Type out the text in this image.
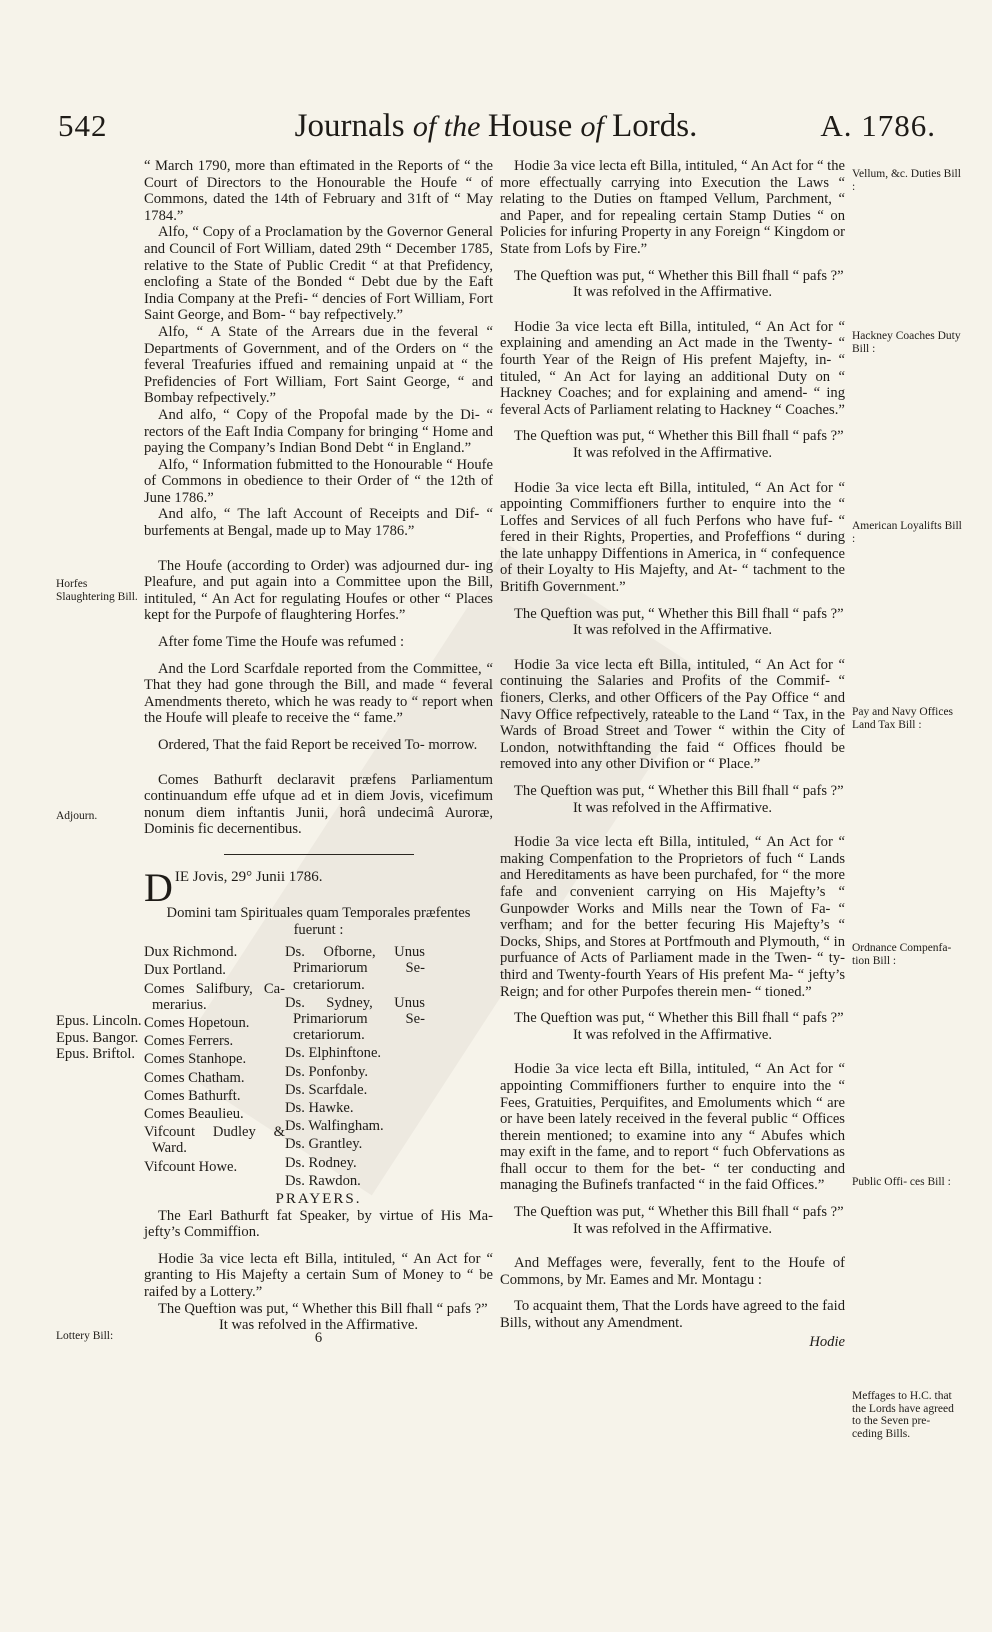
542	Journals of the House of Lords.	A. 1786.
Horfes Slaughtering Bill.
Adjourn.
Lottery Bill:
Epus. Lincoln.
Epus. Bangor.
Epus. Briftol.

“ March 1790, more than eftimated in the Reports of “ the Court of Directors to the Honourable the Houfe “ of Commons, dated the 14th of February and 31ft of “ May 1784.”

Alfo, “ Copy of a Proclamation by the Governor General and Council of Fort William, dated 29th “ December 1785, relative to the State of Public Credit “ at that Prefidency, enclofing a State of the Bonded “ Debt due by the Eaft India Company at the Prefi- “ dencies of Fort William, Fort Saint George, and Bom- “ bay refpectively.”

Alfo, “ A State of the Arrears due in the feveral “ Departments of Government, and of the Orders on “ the feveral Treafuries iffued and remaining unpaid at “ the Prefidencies of Fort William, Fort Saint George, “ and Bombay refpectively.”

And alfo, “ Copy of the Propofal made by the Di- “ rectors of the Eaft India Company for bringing “ Home and paying the Company’s Indian Bond Debt “ in England.”

Alfo, “ Information fubmitted to the Honourable “ Houfe of Commons in obedience to their Order of “ the 12th of June 1786.”

And alfo, “ The laft Account of Receipts and Dif- “ burfements at Bengal, made up to May 1786.”

The Houfe (according to Order) was adjourned dur- ing Pleafure, and put again into a Committee upon the Bill, intituled, “ An Act for regulating Houfes or other “ Places kept for the Purpofe of flaughtering Horfes.”

After fome Time the Houfe was refumed :

And the Lord Scarfdale reported from the Committee, “ That they had gone through the Bill, and made “ feveral Amendments thereto, which he was ready to “ report when the Houfe will pleafe to receive the “ fame.”

Ordered, That the faid Report be received To- morrow.

Comes Bathurft declaravit præfens Parliamentum continuandum effe ufque ad et in diem Jovis, vicefimum nonum diem inftantis Junii, horâ undecimâ Auroræ, Dominis fic decernentibus.

DIE Jovis, 29° Junii 1786.

Domini tam Spirituales quam Temporales præfentes fuerunt :

Dux Richmond.
Dux Portland.
Comes Salifbury, Ca- merarius.
Comes Hopetoun.
Comes Ferrers.
Comes Stanhope.
Comes Chatham.
Comes Bathurft.
Comes Beaulieu.
Vifcount Dudley & Ward.
Vifcount Howe.
Ds. Ofborne, Unus Primariorum Se- cretariorum.
Ds. Sydney, Unus Primariorum Se- cretariorum.
Ds. Elphinftone.
Ds. Ponfonby.
Ds. Scarfdale.
Ds. Hawke.
Ds. Walfingham.
Ds. Grantley.
Ds. Rodney.
Ds. Rawdon.

PRAYERS.

The Earl Bathurft fat Speaker, by virtue of His Ma- jefty’s Commiffion.

Hodie 3a vice lecta eft Billa, intituled, “ An Act for “ granting to His Majefty a certain Sum of Money to “ be raifed by a Lottery.”

The Queftion was put, “ Whether this Bill fhall “ pafs ?”

It was refolved in the Affirmative.

6

Hodie 3a vice lecta eft Billa, intituled, “ An Act for “ the more effectually carrying into Execution the Laws “ relating to the Duties on ftamped Vellum, Parchment, “ and Paper, and for repealing certain Stamp Duties “ on Policies for infuring Property in any Foreign “ Kingdom or State from Lofs by Fire.”

The Queftion was put, “ Whether this Bill fhall “ pafs ?”

It was refolved in the Affirmative.

Hodie 3a vice lecta eft Billa, intituled, “ An Act for “ explaining and amending an Act made in the Twenty- “ fourth Year of the Reign of His prefent Majefty, in- “ tituled, “ An Act for laying an additional Duty on “ Hackney Coaches; and for explaining and amend- “ ing feveral Acts of Parliament relating to Hackney “ Coaches.”

The Queftion was put, “ Whether this Bill fhall “ pafs ?”

It was refolved in the Affirmative.

Hodie 3a vice lecta eft Billa, intituled, “ An Act for “ appointing Commiffioners further to enquire into the “ Loffes and Services of all fuch Perfons who have fuf- “ fered in their Rights, Properties, and Profeffions “ during the late unhappy Diffentions in America, in “ confequence of their Loyalty to His Majefty, and At- “ tachment to the Britifh Government.”

The Queftion was put, “ Whether this Bill fhall “ pafs ?”

It was refolved in the Affirmative.

Hodie 3a vice lecta eft Billa, intituled, “ An Act for “ continuing the Salaries and Profits of the Commif- “ fioners, Clerks, and other Officers of the Pay Office “ and Navy Office refpectively, rateable to the Land “ Tax, in the Wards of Broad Street and Tower “ within the City of London, notwithftanding the faid “ Offices fhould be removed into any other Divifion or “ Place.”

The Queftion was put, “ Whether this Bill fhall “ pafs ?”

It was refolved in the Affirmative.

Hodie 3a vice lecta eft Billa, intituled, “ An Act for “ making Compenfation to the Proprietors of fuch “ Lands and Hereditaments as have been purchafed, for “ the more fafe and convenient carrying on His Majefty’s “ Gunpowder Works and Mills near the Town of Fa- “ verfham; and for the better fecuring His Majefty’s “ Docks, Ships, and Stores at Portfmouth and Plymouth, “ in purfuance of Acts of Parliament made in the Twen- “ ty-third and Twenty-fourth Years of His prefent Ma- “ jefty’s Reign; and for other Purpofes therein men- “ tioned.”

The Queftion was put, “ Whether this Bill fhall “ pafs ?”

It was refolved in the Affirmative.

Hodie 3a vice lecta eft Billa, intituled, “ An Act for “ appointing Commiffioners further to enquire into the “ Fees, Gratuities, Perquifites, and Emoluments which “ are or have been lately received in the feveral public “ Offices therein mentioned; to examine into any “ Abufes which may exift in the fame, and to report “ fuch Obfervations as fhall occur to them for the bet- “ ter conducting and managing the Bufinefs tranfacted “ in the faid Offices.”

The Queftion was put, “ Whether this Bill fhall “ pafs ?”

It was refolved in the Affirmative.

And Meffages were, feverally, fent to the Houfe of Commons, by Mr. Eames and Mr. Montagu :

To acquaint them, That the Lords have agreed to the faid Bills, without any Amendment.

Hodie

Vellum, &c. Duties Bill :
Hackney Coaches Duty Bill :
American Loyalifts Bill :
Pay and Navy Offices Land Tax Bill :
Ordnance Compenfa- tion Bill :
Public Offi- ces Bill :
Meffages to H.C. that the Lords have agreed to the Seven pre- ceding Bills.
